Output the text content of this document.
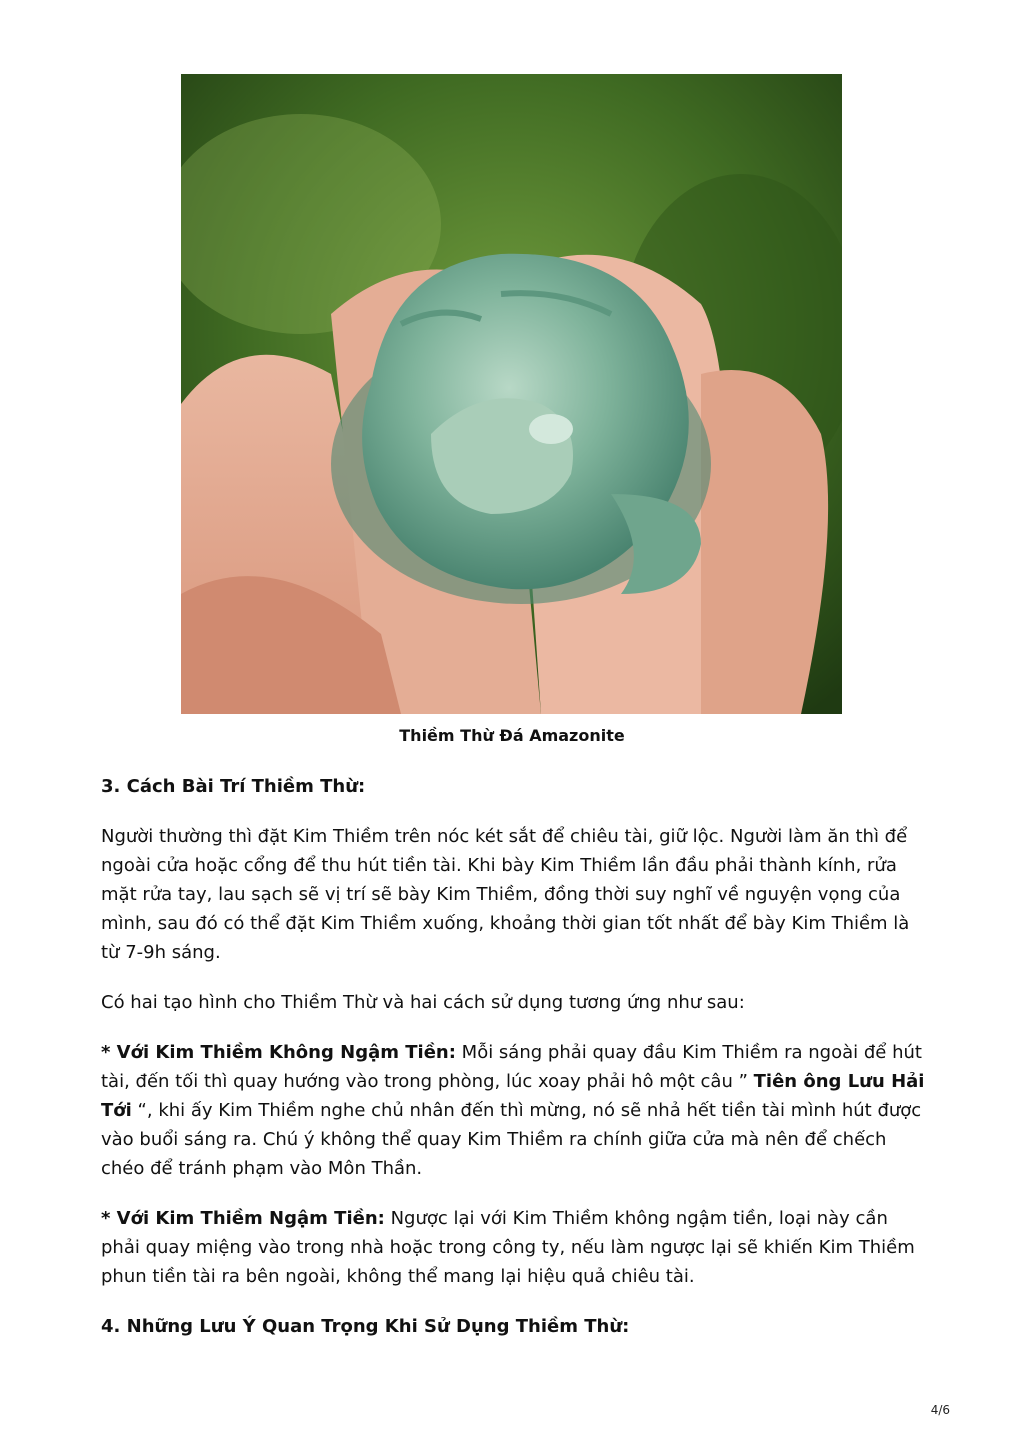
Thiềm Thừ Đá Amazonite
3. Cách Bài Trí Thiềm Thừ:

Người thường thì đặt Kim Thiềm trên nóc két sắt để chiêu tài, giữ lộc. Người làm ăn thì để ngoài cửa hoặc cổng để thu hút tiền tài. Khi bày Kim Thiềm lần đầu phải thành kính, rửa mặt rửa tay, lau sạch sẽ vị trí sẽ bày Kim Thiềm, đồng thời suy nghĩ về nguyện vọng của mình, sau đó có thể đặt Kim Thiềm xuống, khoảng thời gian tốt nhất để bày Kim Thiềm là từ 7-9h sáng.

Có hai tạo hình cho Thiềm Thừ và hai cách sử dụng tương ứng như sau:

* Với Kim Thiềm Không Ngậm Tiền: Mỗi sáng phải quay đầu Kim Thiềm ra ngoài để hút tài, đến tối thì quay hướng vào trong phòng, lúc xoay phải hô một câu ” Tiên ông Lưu Hải Tới “, khi ấy Kim Thiềm nghe chủ nhân đến thì mừng, nó sẽ nhả hết tiền tài mình hút được vào buổi sáng ra. Chú ý không thể quay Kim Thiềm ra chính giữa cửa mà nên để chếch chéo để tránh phạm vào Môn Thần.

* Với Kim Thiềm Ngậm Tiền: Ngược lại với Kim Thiềm không ngậm tiền, loại này cần phải quay miệng vào trong nhà hoặc trong công ty, nếu làm ngược lại sẽ khiến Kim Thiềm phun tiền tài ra bên ngoài, không thể mang lại hiệu quả chiêu tài.

4. Những Lưu Ý Quan Trọng Khi Sử Dụng Thiềm Thừ:
4/6
